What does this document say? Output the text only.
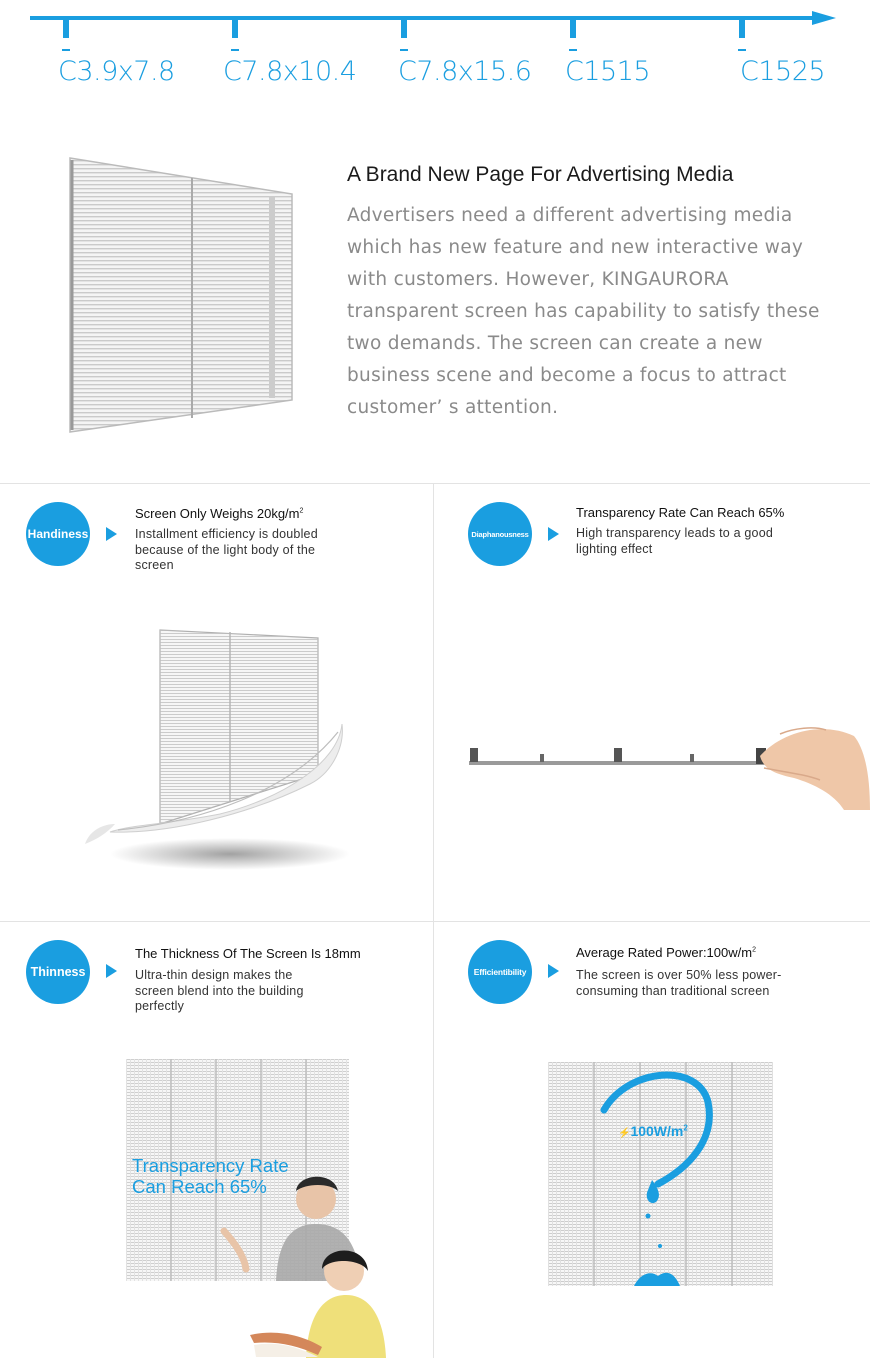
C3.9x7.8 C7.8x10.4 C7.8x15.6 C1515	C1525
A Brand New Page For Advertising Media
Advertisers need a different advertising media
which has new feature and new interactive way
with customers. However, KINGAURORA
transparent screen has capability to satisfy these
two demands. The screen can create a new
business scene and become a focus to attract
customer’ s attention.
Handiness
Screen Only Weighs $20kg/m^2$
Installment efficiency is doubled
because of the light body of the
screen
Diaphanousness
Transparency Rate Can Reach 65%
High transparency leads to a good
lighting effect
Thinness
The Thickness Of The Screen Is 18mm
Ultra-thin design makes the
screen blend into the building
perfectly
Transparency Rate
Can Reach 65%
Efficientibility
Average Rated $Power:100w/m^2$
The screen is over 50% less power-
consuming than traditional screen
$⚡100W/m^2$
